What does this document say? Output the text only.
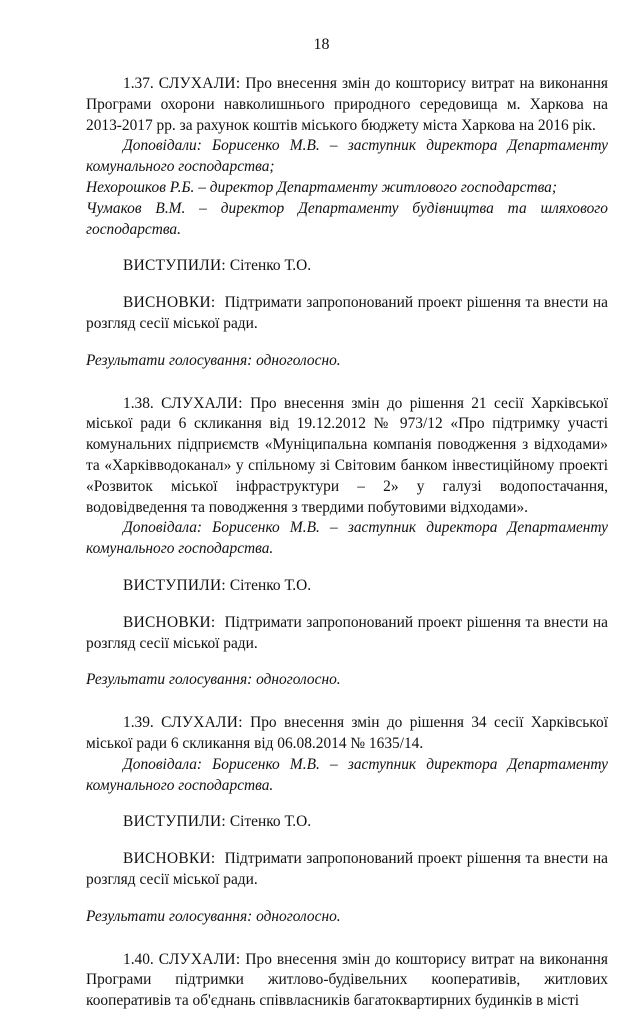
18

1.37. СЛУХАЛИ: Про внесення змін до кошторису витрат на виконання Програми охорони навколишнього природного середовища м. Харкова на 2013-2017 рр. за рахунок коштів міського бюджету міста Харкова на 2016 рік.

Доповідали: Борисенко М.В. – заступник директора Департаменту комунального господарства;

Нехорошков Р.Б. – директор Департаменту житлового господарства;

Чумаков В.М. – директор Департаменту будівництва та шляхового господарства.

ВИСТУПИЛИ: Сітенко Т.О.

ВИСНОВКИ: Підтримати запропонований проект рішення та внести на розгляд сесії міської ради.

Результати голосування: одноголосно.

1.38. СЛУХАЛИ: Про внесення змін до рішення 21 сесії Харківської міської ради 6 скликання від 19.12.2012 № 973/12 «Про підтримку участі комунальних підприємств «Муніципальна компанія поводження з відходами» та «Харківводоканал» у спільному зі Світовим банком інвестиційному проекті «Розвиток міської інфраструктури – 2» у галузі водопостачання, водовідведення та поводження з твердими побутовими відходами».

Доповідала: Борисенко М.В. – заступник директора Департаменту комунального господарства.

ВИСТУПИЛИ: Сітенко Т.О.

ВИСНОВКИ: Підтримати запропонований проект рішення та внести на розгляд сесії міської ради.

Результати голосування: одноголосно.

1.39. СЛУХАЛИ: Про внесення змін до рішення 34 сесії Харківської міської ради 6 скликання від 06.08.2014 № 1635/14.

Доповідала: Борисенко М.В. – заступник директора Департаменту комунального господарства.

ВИСТУПИЛИ: Сітенко Т.О.

ВИСНОВКИ: Підтримати запропонований проект рішення та внести на розгляд сесії міської ради.

Результати голосування: одноголосно.

1.40. СЛУХАЛИ: Про внесення змін до кошторису витрат на виконання Програми підтримки житлово-будівельних кооперативів, житлових кооперативів та об'єднань співвласників багатоквартирних будинків в місті
